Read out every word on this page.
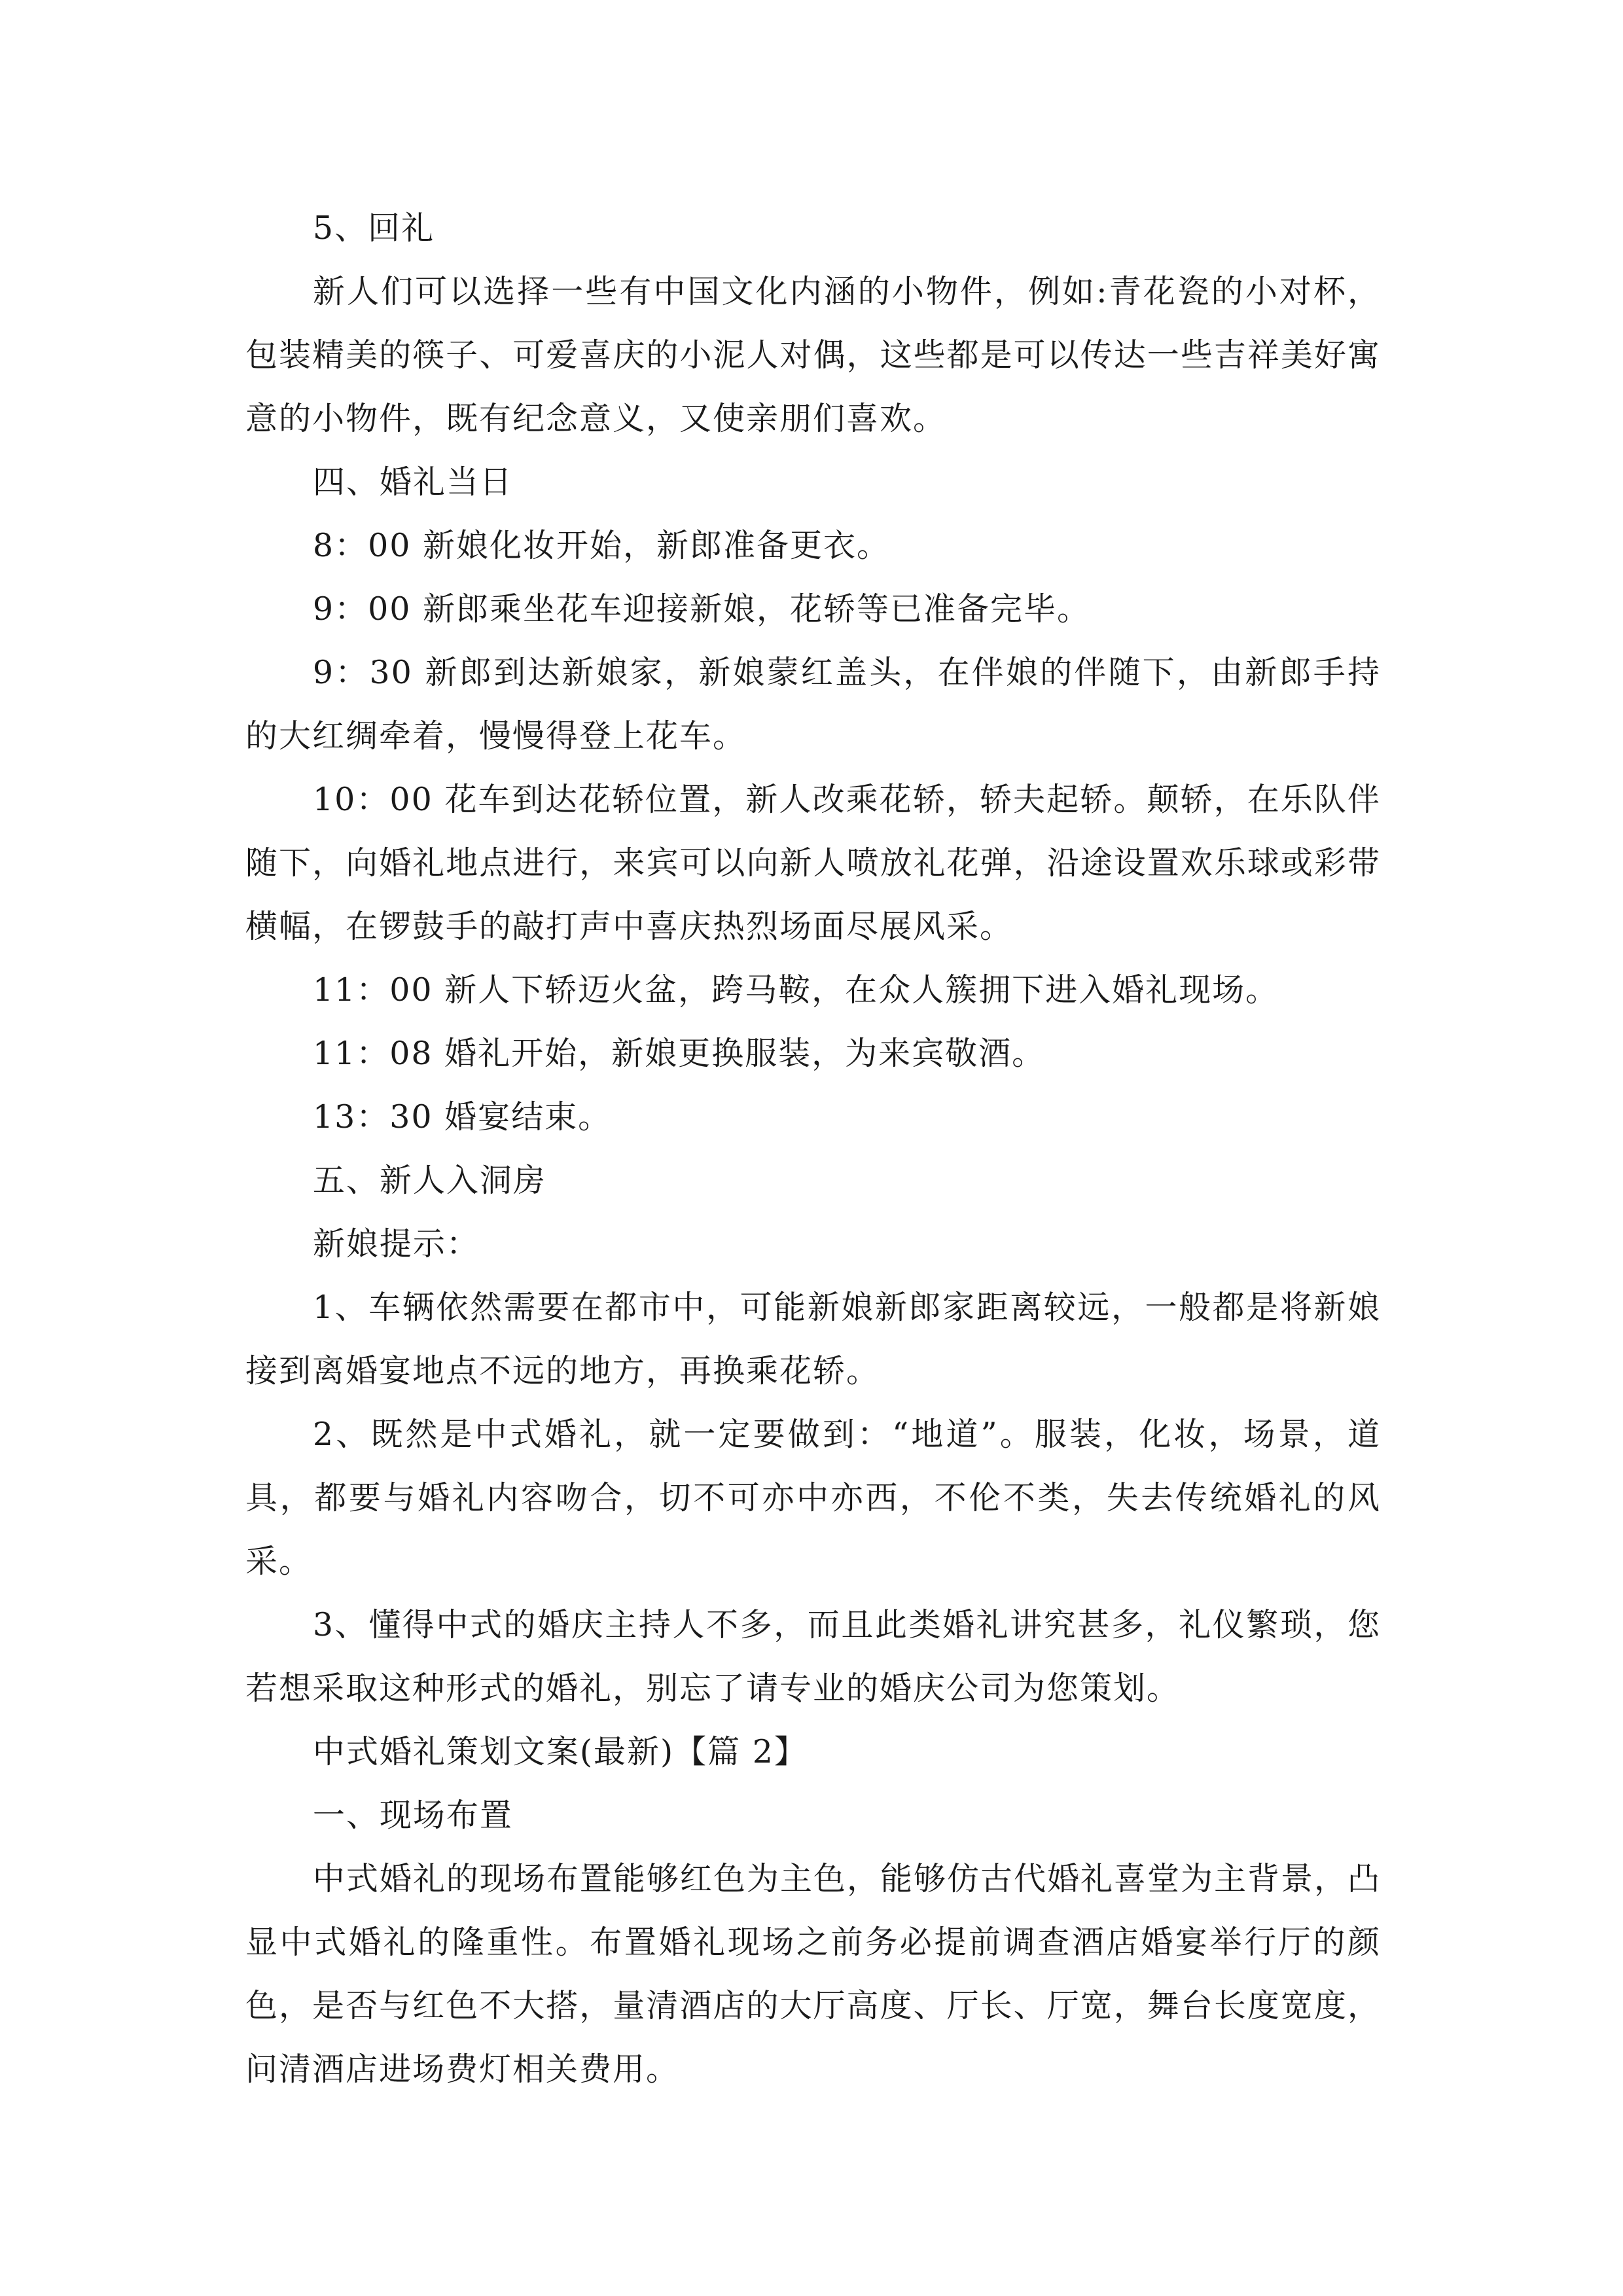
5、回礼

新人们可以选择一些有中国文化内涵的小物件，例如:青花瓷的小对杯，包装精美的筷子、可爱喜庆的小泥人对偶，这些都是可以传达一些吉祥美好寓意的小物件，既有纪念意义，又使亲朋们喜欢。

四、婚礼当日

8：00 新娘化妆开始，新郎准备更衣。

9：00 新郎乘坐花车迎接新娘，花轿等已准备完毕。

9：30 新郎到达新娘家，新娘蒙红盖头，在伴娘的伴随下，由新郎手持的大红绸牵着，慢慢得登上花车。

10：00 花车到达花轿位置，新人改乘花轿，轿夫起轿。颠轿，在乐队伴随下，向婚礼地点进行，来宾可以向新人喷放礼花弹，沿途设置欢乐球或彩带横幅，在锣鼓手的敲打声中喜庆热烈场面尽展风采。

11：00 新人下轿迈火盆，跨马鞍，在众人簇拥下进入婚礼现场。

11：08 婚礼开始，新娘更换服装，为来宾敬酒。

13：30 婚宴结束。

五、新人入洞房

新娘提示：

1、车辆依然需要在都市中，可能新娘新郎家距离较远，一般都是将新娘接到离婚宴地点不远的地方，再换乘花轿。

2、既然是中式婚礼，就一定要做到：“地道”。服装，化妆，场景，道具，都要与婚礼内容吻合，切不可亦中亦西，不伦不类，失去传统婚礼的风采。

3、懂得中式的婚庆主持人不多，而且此类婚礼讲究甚多，礼仪繁琐，您若想采取这种形式的婚礼，别忘了请专业的婚庆公司为您策划。

中式婚礼策划文案(最新)【篇 2】

一、现场布置

中式婚礼的现场布置能够红色为主色，能够仿古代婚礼喜堂为主背景，凸显中式婚礼的隆重性。布置婚礼现场之前务必提前调查酒店婚宴举行厅的颜色，是否与红色不大搭，量清酒店的大厅高度、厅长、厅宽，舞台长度宽度，问清酒店进场费灯相关费用。
